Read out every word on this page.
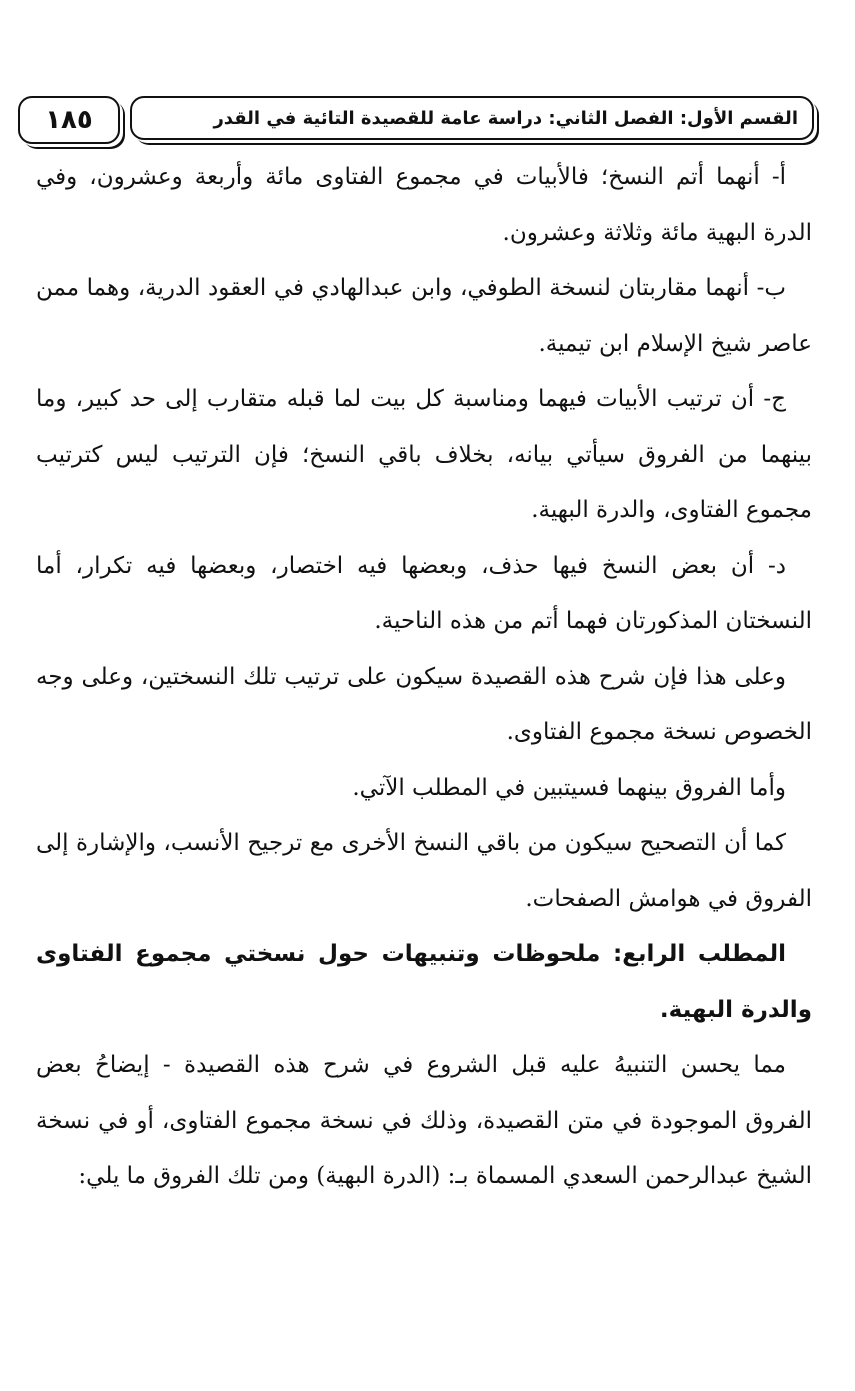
١٨٥	القسم الأول: الفصل الثاني: دراسة عامة للقصيدة التائية في القدر

أ- أنهما أتم النسخ؛ فالأبيات في مجموع الفتاوى مائة وأربعة وعشرون، وفي الدرة البهية مائة وثلاثة وعشرون.

ب- أنهما مقاربتان لنسخة الطوفي، وابن عبدالهادي في العقود الدرية، وهما ممن عاصر شيخ الإسلام ابن تيمية.

ج- أن ترتيب الأبيات فيهما ومناسبة كل بيت لما قبله متقارب إلى حد كبير، وما بينهما من الفروق سيأتي بيانه، بخلاف باقي النسخ؛ فإن الترتيب ليس كترتيب مجموع الفتاوى، والدرة البهية.

د- أن بعض النسخ فيها حذف، وبعضها فيه اختصار، وبعضها فيه تكرار، أما النسختان المذكورتان فهما أتم من هذه الناحية.

وعلى هذا فإن شرح هذه القصيدة سيكون على ترتيب تلك النسختين، وعلى وجه الخصوص نسخة مجموع الفتاوى.

وأما الفروق بينهما فسيتبين في المطلب الآتي.

كما أن التصحيح سيكون من باقي النسخ الأخرى مع ترجيح الأنسب، والإشارة إلى الفروق في هوامش الصفحات.

المطلب الرابع: ملحوظات وتنبيهات حول نسختي مجموع الفتاوى والدرة البهية.

مما يحسن التنبيهُ عليه قبل الشروع في شرح هذه القصيدة - إيضاحُ بعض الفروق الموجودة في متن القصيدة، وذلك في نسخة مجموع الفتاوى، أو في نسخة الشيخ عبدالرحمن السعدي المسماة بـ: (الدرة البهية) ومن تلك الفروق ما يلي:
